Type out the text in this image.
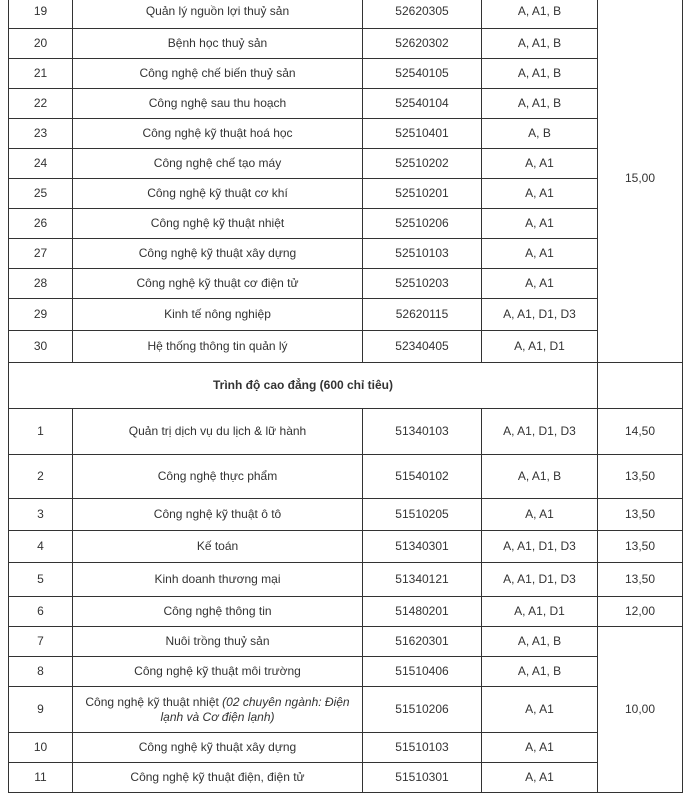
19	Quản lý nguồn lợi thuỷ sản	52620305	A, A1, B	15,00
20	Bệnh học thuỷ sản	52620302	A, A1, B	
21	Công nghệ chế biến thuỷ sản	52540105	A, A1, B	
22	Công nghệ sau thu hoạch	52540104	A, A1, B	
23	Công nghệ kỹ thuật hoá học	52510401	A, B	
24	Công nghệ chế tạo máy	52510202	A, A1	
25	Công nghệ kỹ thuật cơ khí	52510201	A, A1	
26	Công nghệ kỹ thuật nhiệt	52510206	A, A1	
27	Công nghệ kỹ thuật xây dựng	52510103	A, A1	
28	Công nghệ kỹ thuật cơ điện tử	52510203	A, A1	
29	Kinh tế nông nghiệp	52620115	A, A1, D1, D3	
30	Hệ thống thông tin quản lý	52340405	A, A1, D1	
Trình độ cao đẳng (600 chỉ tiêu)				
1	Quản trị dịch vụ du lịch & lữ hành	51340103	A, A1, D1, D3	14,50
2	Công nghệ thực phẩm	51540102	A, A1, B	13,50
3	Công nghệ kỹ thuật ô tô	51510205	A, A1	13,50
4	Kế toán	51340301	A, A1, D1, D3	13,50
5	Kinh doanh thương mại	51340121	A, A1, D1, D3	13,50
6	Công nghệ thông tin	51480201	A, A1, D1	12,00
7	Nuôi trồng thuỷ sản	51620301	A, A1, B	10,00
8	Công nghệ kỹ thuật môi trường	51510406	A, A1, B	
9	Công nghệ kỹ thuật nhiệt (02 chuyên ngành: Điện lạnh và Cơ điện lạnh)	51510206	A, A1	
10	Công nghệ kỹ thuật xây dựng	51510103	A, A1	
11	Công nghệ kỹ thuật điện, điện tử	51510301	A, A1	
